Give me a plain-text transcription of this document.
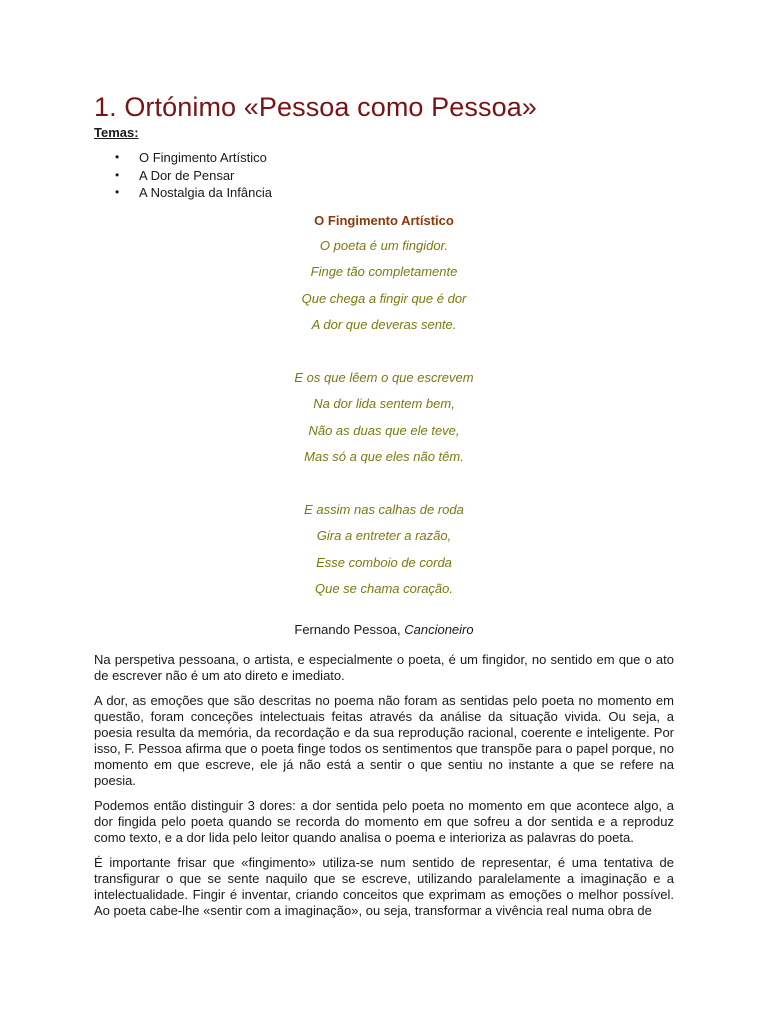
1. Ortónimo «Pessoa como Pessoa»
Temas:
• O Fingimento Artístico
• A Dor de Pensar
• A Nostalgia da Infância
O Fingimento Artístico

O poeta é um fingidor.

Finge tão completamente

Que chega a fingir que é dor

A dor que deveras sente.

E os que lêem o que escrevem

Na dor lida sentem bem,

Não as duas que ele teve,

Mas só a que eles não têm.

E assim nas calhas de roda

Gira a entreter a razão,

Esse comboio de corda

Que se chama coração.

Fernando Pessoa, Cancioneiro

Na perspetiva pessoana, o artista, e especialmente o poeta, é um fingidor, no sentido em que o ato de escrever não é um ato direto e imediato.

A dor, as emoções que são descritas no poema não foram as sentidas pelo poeta no momento em questão, foram conceções intelectuais feitas através da análise da situação vivida. Ou seja, a poesia resulta da memória, da recordação e da sua reprodução racional, coerente e inteligente. Por isso, F. Pessoa afirma que o poeta finge todos os sentimentos que transpõe para o papel porque, no momento em que escreve, ele já não está a sentir o que sentiu no instante a que se refere na poesia.

Podemos então distinguir 3 dores: a dor sentida pelo poeta no momento em que acontece algo, a dor fingida pelo poeta quando se recorda do momento em que sofreu a dor sentida e a reproduz como texto, e a dor lida pelo leitor quando analisa o poema e interioriza as palavras do poeta.

É importante frisar que «fingimento» utiliza-se num sentido de representar, é uma tentativa de transfigurar o que se sente naquilo que se escreve, utilizando paralelamente a imaginação e a intelectualidade. Fingir é inventar, criando conceitos que exprimam as emoções o melhor possível. Ao poeta cabe-lhe «sentir com a imaginação», ou seja, transformar a vivência real numa obra de
